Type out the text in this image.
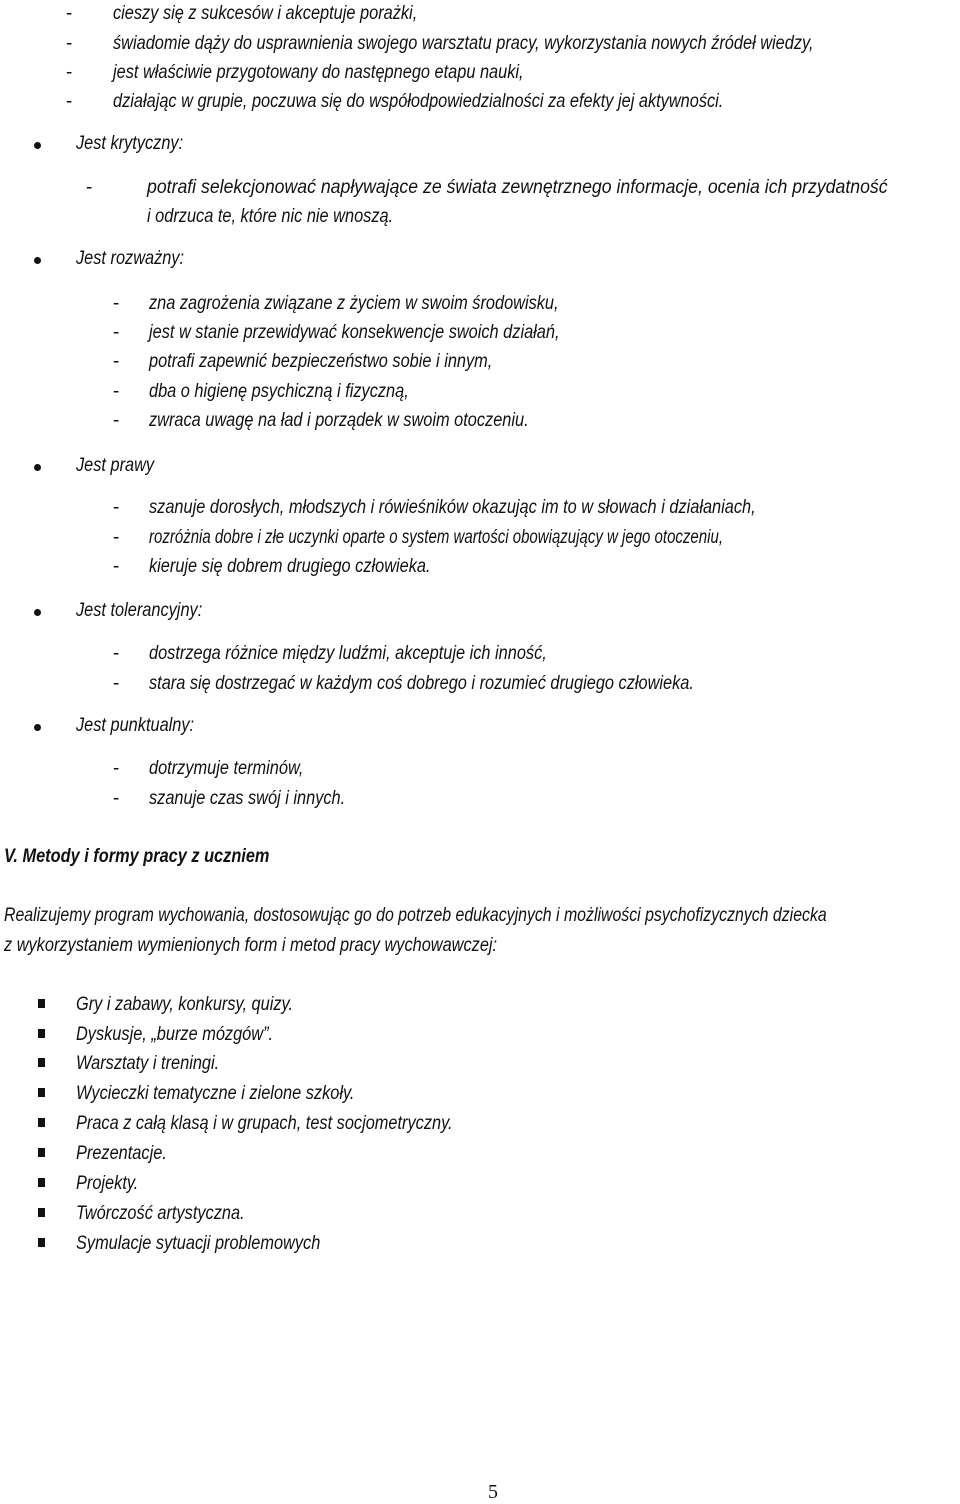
- cieszy się z sukcesów i akceptuje porażki,
- świadomie dąży do usprawnienia swojego warsztatu pracy, wykorzystania nowych źródeł wiedzy,
- jest właściwie przygotowany do następnego etapu nauki,
- działając w grupie, poczuwa się do współodpowiedzialności za efekty jej aktywności.
Jest krytyczny:
-	potrafi selekcjonować napływające ze świata zewnętrznego informacje, ocenia ich przydatność
i odrzuca te, które nic nie wnoszą.
Jest rozważny:
- zna zagrożenia związane z życiem w swoim środowisku,
- jest w stanie przewidywać konsekwencje swoich działań,
- potrafi zapewnić bezpieczeństwo sobie i innym,
- dba o higienę psychiczną i fizyczną,
- zwraca uwagę na ład i porządek w swoim otoczeniu.
Jest prawy
- szanuje dorosłych, młodszych i rówieśników okazując im to w słowach i działaniach,
- rozróżnia dobre i złe uczynki oparte o system wartości obowiązujący w jego otoczeniu,
- kieruje się dobrem drugiego człowieka.
Jest tolerancyjny:
- dostrzega różnice między ludźmi, akceptuje ich inność,
- stara się dostrzegać w każdym coś dobrego i rozumieć drugiego człowieka.
Jest punktualny:
- dotrzymuje terminów,
- szanuje czas swój i innych.
V. Metody i formy pracy z uczniem
Realizujemy program wychowania, dostosowując go do potrzeb edukacyjnych i możliwości psychofizycznych dziecka
z wykorzystaniem wymienionych form i metod pracy wychowawczej:
Gry i zabawy, konkursy, quizy.
Dyskusje, „burze mózgów”.
Warsztaty i treningi.
Wycieczki tematyczne i zielone szkoły.
Praca z całą klasą i w grupach, test socjometryczny.
Prezentacje.
Projekty.
Twórczość artystyczna.
Symulacje sytuacji problemowych
5
